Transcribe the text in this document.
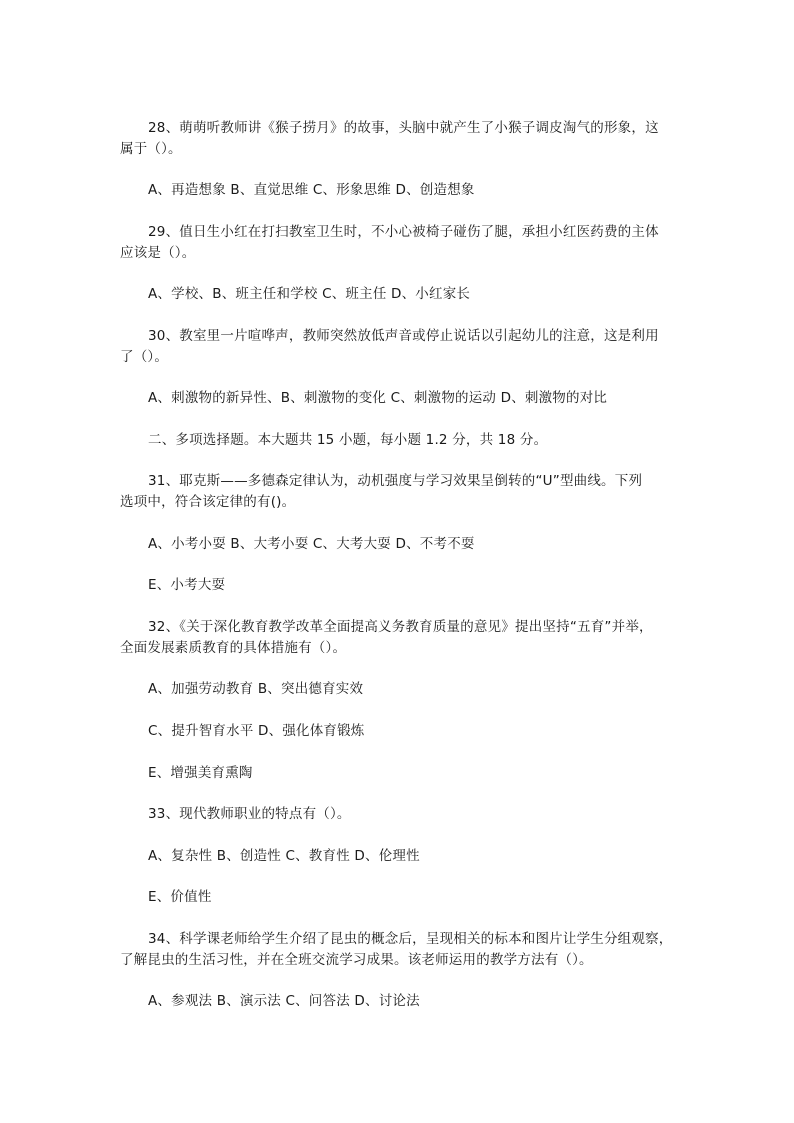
28、萌萌听教师讲《猴子捞月》的故事，头脑中就产生了小猴子调皮淘气的形象，这
属于（）。
A、再造想象 B、直觉思维 C、形象思维 D、创造想象
29、值日生小红在打扫教室卫生时，不小心被椅子碰伤了腿，承担小红医药费的主体
应该是（）。
A、学校、B、班主任和学校 C、班主任 D、小红家长
30、教室里一片喧哗声，教师突然放低声音或停止说话以引起幼儿的注意，这是利用
了（）。
A、刺激物的新异性、B、刺激物的变化 C、刺激物的运动 D、刺激物的对比
二、多项选择题。本大题共 15 小题，每小题 1.2 分，共 18 分。
31、耶克斯——多德森定律认为，动机强度与学习效果呈倒转的“U”型曲线。下列
选项中，符合该定律的有()。
A、小考小耍 B、大考小耍 C、大考大耍 D、不考不耍
E、小考大耍
32、《关于深化教育教学改革全面提高义务教育质量的意见》提出坚持“五育”并举，
全面发展素质教育的具体措施有（）。
A、加强劳动教育 B、突出德育实效
C、提升智育水平 D、强化体育锻炼
E、增强美育熏陶
33、现代教师职业的特点有（）。
A、复杂性 B、创造性 C、教育性 D、伦理性
E、价值性
34、科学课老师给学生介绍了昆虫的概念后，呈现相关的标本和图片让学生分组观察，
了解昆虫的生活习性，并在全班交流学习成果。该老师运用的教学方法有（）。
A、参观法 B、演示法 C、问答法 D、讨论法
